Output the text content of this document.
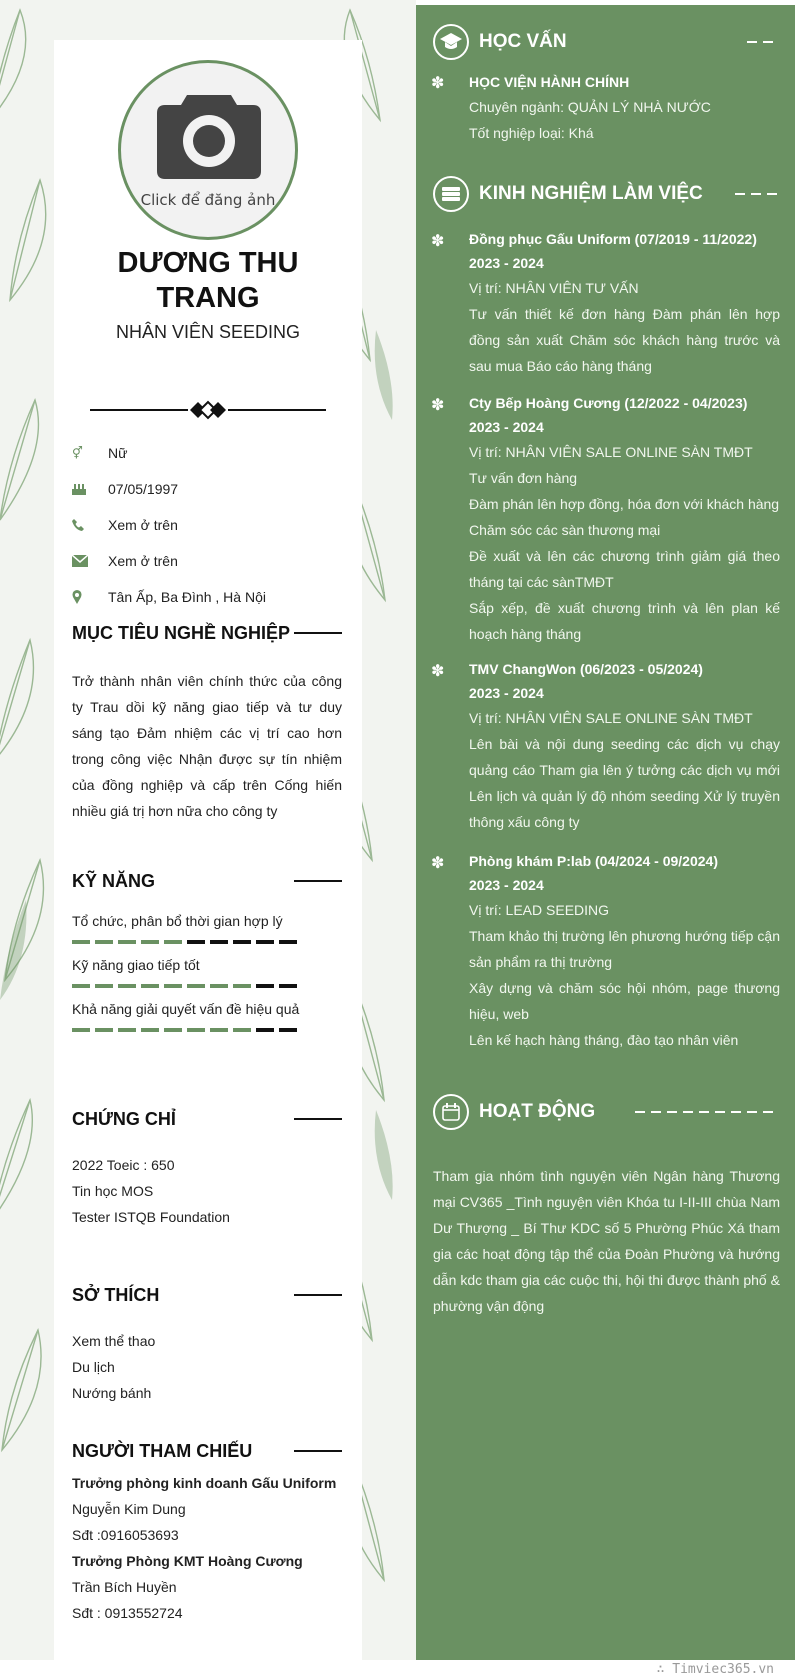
Click để đăng ảnh
DƯƠNG THU
TRANG
NHÂN VIÊN SEEDING
⚥	Nữ
07/05/1997
Xem ở trên
Xem ở trên
Tân Ấp, Ba Đình , Hà Nội
MỤC TIÊU NGHỀ NGHIỆP
Trở thành nhân viên chính thức của công ty Trau dồi kỹ năng giao tiếp và tư duy sáng tạo Đảm nhiệm các vị trí cao hơn trong công việc Nhận được sự tín nhiệm của đồng nghiệp và cấp trên Cống hiến nhiều giá trị hơn nữa cho công ty
KỸ NĂNG
Tổ chức, phân bổ thời gian hợp lý
Kỹ năng giao tiếp tốt
Khả năng giải quyết vấn đề hiệu quả
CHỨNG CHỈ
2022 Toeic : 650
Tin học MOS
Tester ISTQB Foundation
SỞ THÍCH
Xem thể thao
Du lịch
Nướng bánh
NGƯỜI THAM CHIẾU
Trưởng phòng kinh doanh Gấu Uniform
Nguyễn Kim Dung
Sđt :0916053693
Trưởng Phòng KMT Hoàng Cương
Trần Bích Huyền
Sđt : 0913552724
HỌC VẤN
✽ HỌC VIỆN HÀNH CHÍNH
Chuyên ngành: QUẢN LÝ NHÀ NƯỚC
Tốt nghiệp loại: Khá
KINH NGHIỆM LÀM VIỆC
✽ Đồng phục Gấu Uniform (07/2019 - 11/2022)
2023 - 2024
Vị trí: NHÂN VIÊN TƯ VẤN
Tư vấn thiết kế đơn hàng Đàm phán lên hợp đồng sản xuất Chăm sóc khách hàng trước và sau mua Báo cáo hàng tháng
✽ Cty Bếp Hoàng Cương (12/2022 - 04/2023)
2023 - 2024
Vị trí: NHÂN VIÊN SALE ONLINE SÀN TMĐT
Tư vấn đơn hàng
Đàm phán lên hợp đồng, hóa đơn với khách hàng
Chăm sóc các sàn thương mại
Đề xuất và lên các chương trình giảm giá theo tháng tại các sànTMĐT
Sắp xếp, đề xuất chương trình và lên plan kế hoạch hàng tháng
✽ TMV ChangWon (06/2023 - 05/2024)
2023 - 2024
Vị trí: NHÂN VIÊN SALE ONLINE SÀN TMĐT
Lên bài và nội dung seeding các dịch vụ chạy quảng cáo Tham gia lên ý tưởng các dịch vụ mới Lên lịch và quản lý độ nhóm seeding Xử lý truyền thông xấu công ty
✽ Phòng khám P:lab (04/2024 - 09/2024)
2023 - 2024
Vị trí: LEAD SEEDING
Tham khảo thị trường lên phương hướng tiếp cận sản phẩm ra thị trường
Xây dựng và chăm sóc hội nhóm, page thương hiệu, web
Lên kế hạch hàng tháng, đào tạo nhân viên
HOẠT ĐỘNG
Tham gia nhóm tình nguyện viên Ngân hàng Thương mại CV365 _Tình nguyện viên Khóa tu I-II-III chùa Nam Dư Thượng _ Bí Thư KDC số 5 Phường Phúc Xá tham gia các hoạt động tập thể của Đoàn Phường và hướng dẫn kdc tham gia các cuộc thi, hội thi được thành phố & phường vận động
∴ Timviec365.vn
